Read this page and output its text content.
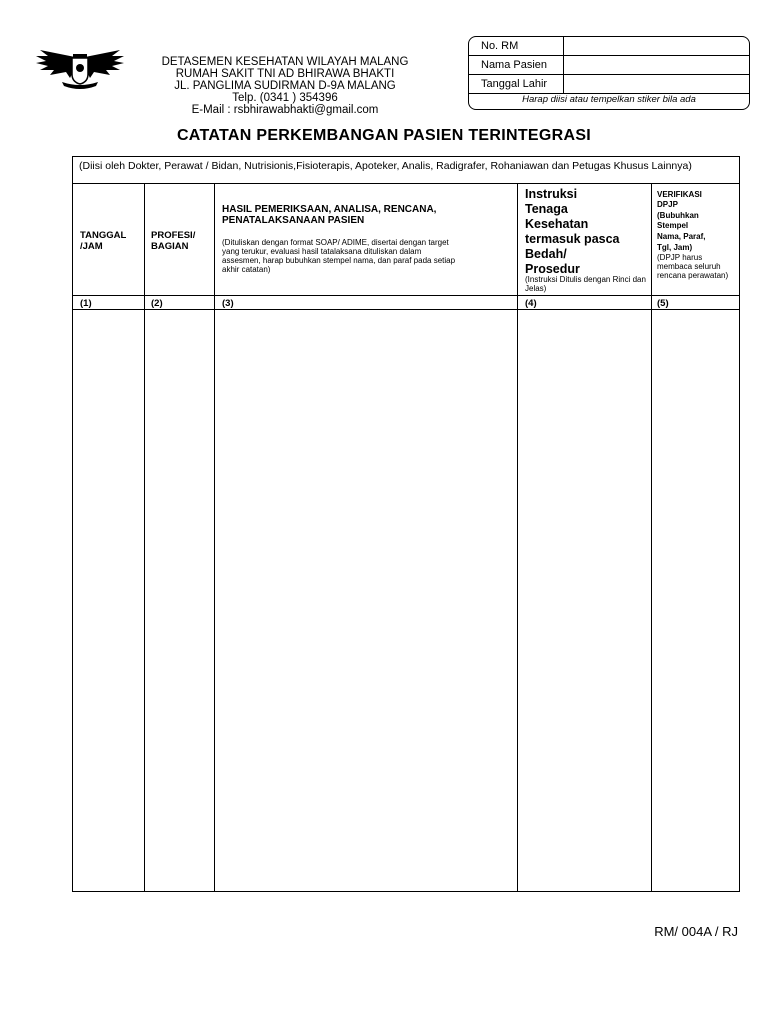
DETASEMEN KESEHATAN WILAYAH MALANG
RUMAH SAKIT TNI AD BHIRAWA BHAKTI
JL. PANGLIMA SUDIRMAN D-9A MALANG
Telp. (0341 ) 354396
E-Mail : rsbhirawabhakti@gmail.com
No. RM
Nama Pasien
Tanggal Lahir
Harap diisi atau tempelkan stiker bila ada
CATATAN PERKEMBANGAN PASIEN TERINTEGRASI
(Diisi oleh Dokter, Perawat / Bidan, Nutrisionis,Fisioterapis, Apoteker, Analis, Radigrafer, Rohaniawan dan Petugas Khusus Lainnya)
TANGGAL
/JAM
(1)
PROFESI/
BAGIAN
(2)
HASIL PEMERIKSAAN, ANALISA, RENCANA,
PENATALAKSANAAN PASIEN
(Dituliskan dengan format SOAP/ ADIME, disertai dengan target yang terukur, evaluasi hasil tatalaksana dituliskan dalam assesmen, harap bubuhkan stempel nama, dan paraf pada setiap akhir catatan)
(3)
Instruksi
Tenaga
Kesehatan
termasuk pasca
Bedah/
Prosedur
(Instruksi Ditulis dengan Rinci dan Jelas)
(4)
VERIFIKASI
DPJP
(Bubuhkan
Stempel
Nama, Paraf,
Tgl, Jam)
(DPJP harus membaca seluruh rencana perawatan)
(5)
RM/ 004A / RJ
